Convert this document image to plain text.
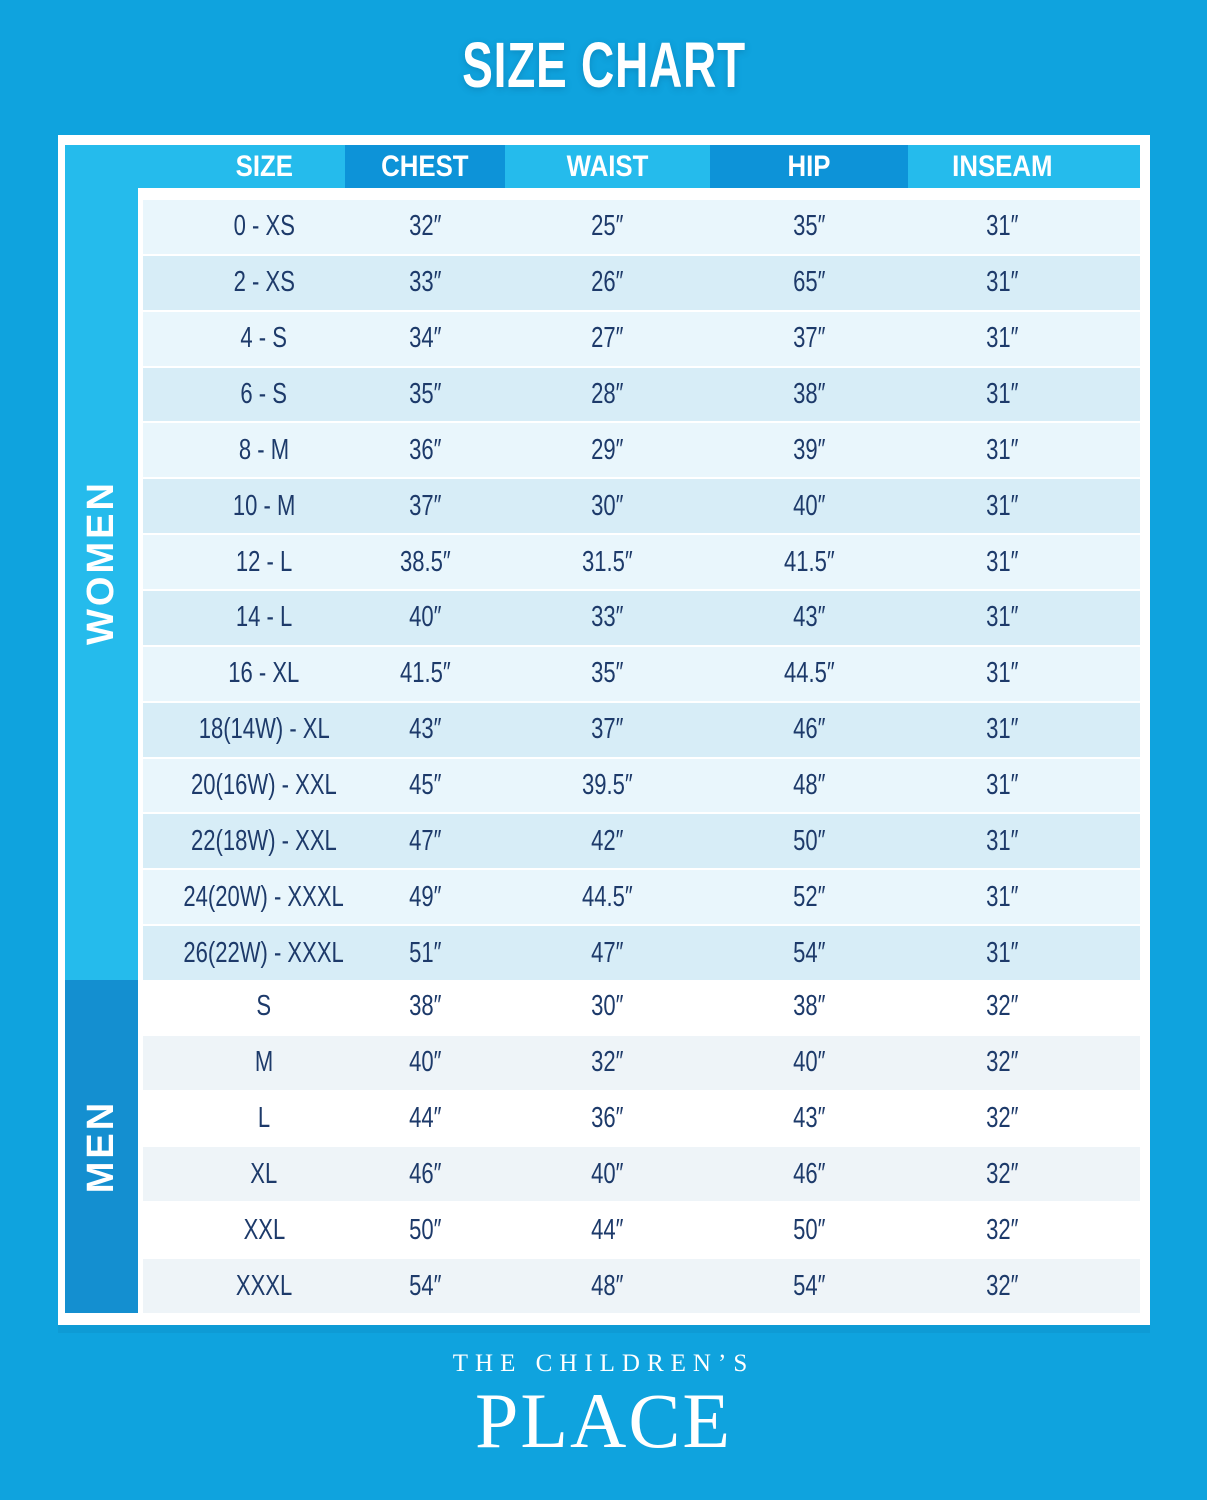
SIZE CHART
SIZE	CHEST	WAIST	HIP	INSEAM
WOMEN
MEN
0 - XS	32″	25″	35″	31″
2 - XS	33″	26″	65″	31″
4 - S	34″	27″	37″	31″
6 - S	35″	28″	38″	31″
8 - M	36″	29″	39″	31″
10 - M	37″	30″	40″	31″
12 - L	38.5″	31.5″	41.5″	31″
14 - L	40″	33″	43″	31″
16 - XL	41.5″	35″	44.5″	31″
18(14W) - XL	43″	37″	46″	31″
20(16W) - XXL 45″	39.5″	48″	31″
22(18W) - XXL 47″	42″	50″	31″
24(20W) - XXXL 49″	44.5″	52″	31″
26(22W) - XXXL 51″	47″	54″	31″
S	38″	30″	38″	32″
M	40″	32″	40″	32″
L	44″	36″	43″	32″
XL	46″	40″	46″	32″
XXL	50″	44″	50″	32″
XXXL	54″	48″	54″	32″
THE CHILDREN’S
PLACE
